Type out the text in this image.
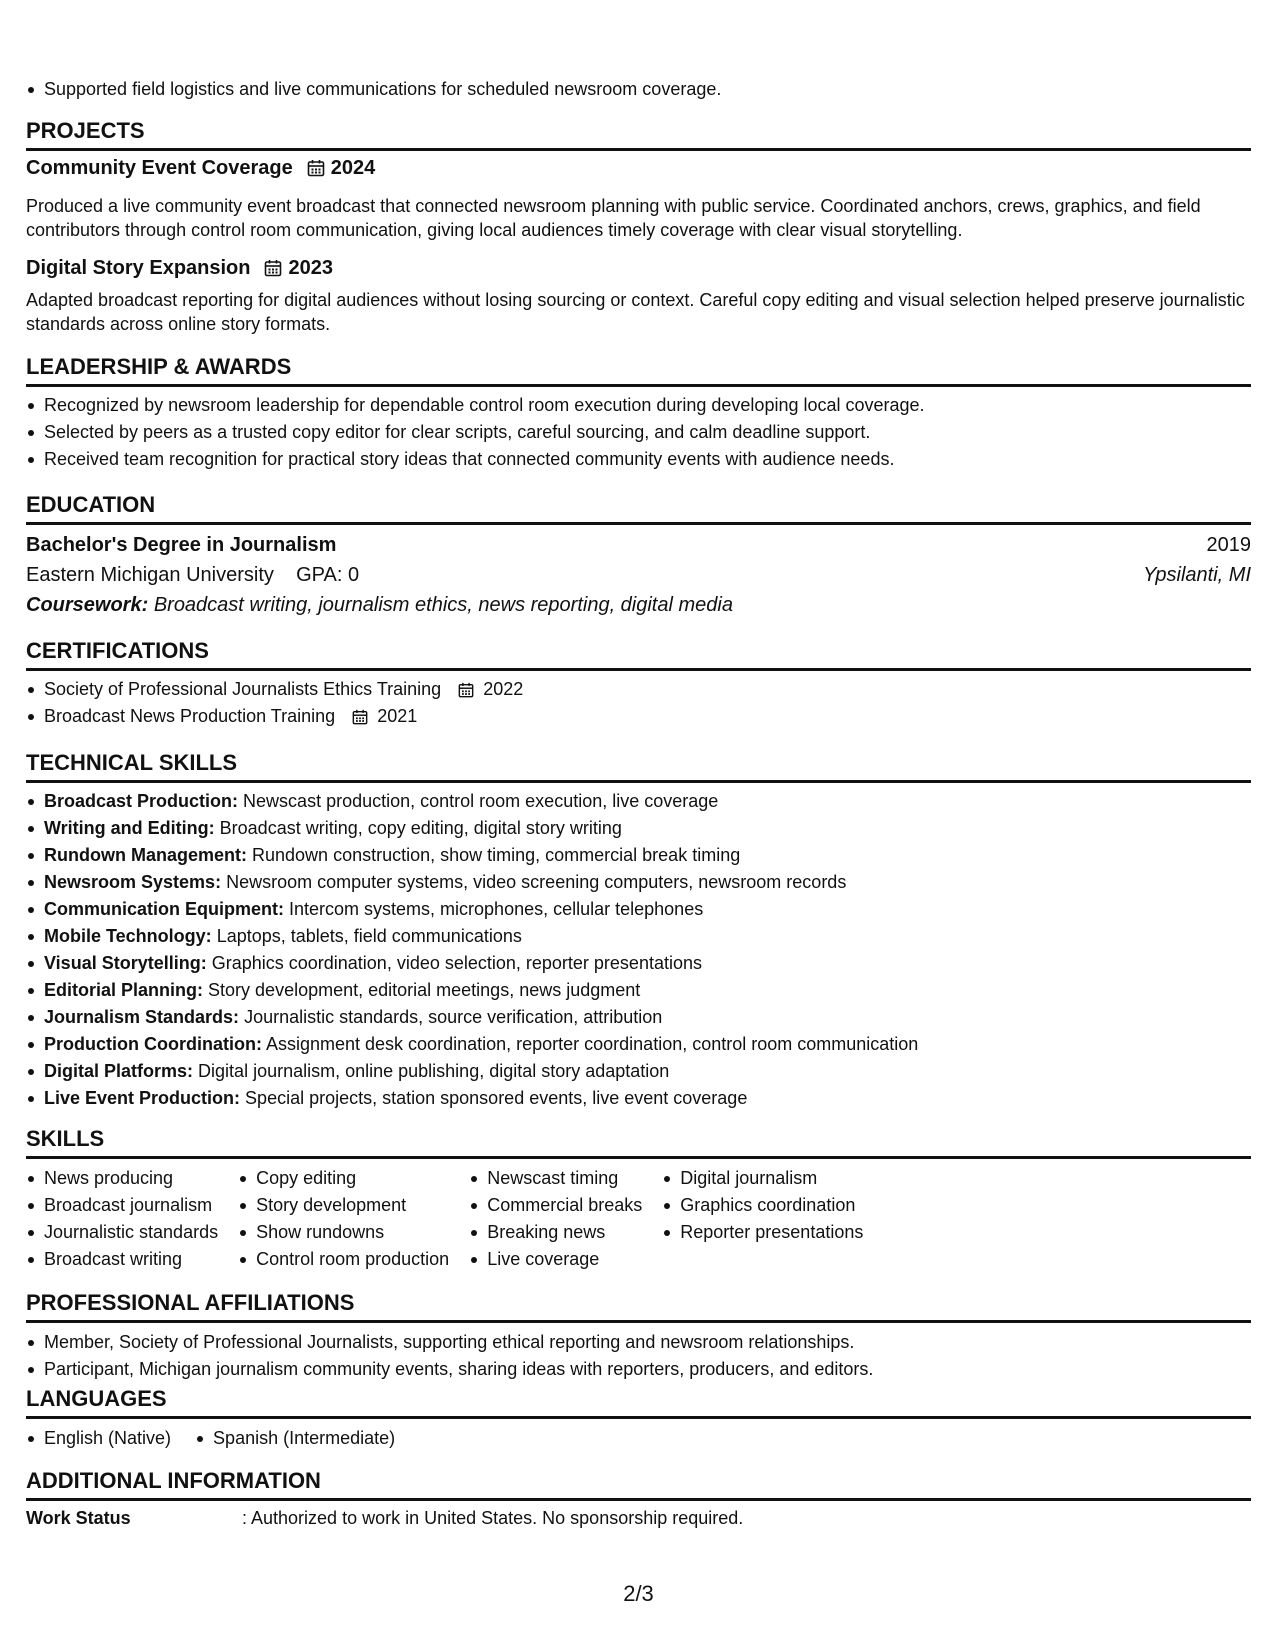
Supported field logistics and live communications for scheduled newsroom coverage.
PROJECTS
Community Event Coverage 2024
Produced a live community event broadcast that connected newsroom planning with public service. Coordinated anchors, crews, graphics, and field contributors through control room communication, giving local audiences timely coverage with clear visual storytelling.
Digital Story Expansion 2023
Adapted broadcast reporting for digital audiences without losing sourcing or context. Careful copy editing and visual selection helped preserve journalistic standards across online story formats.
LEADERSHIP & AWARDS
Recognized by newsroom leadership for dependable control room execution during developing local coverage.
Selected by peers as a trusted copy editor for clear scripts, careful sourcing, and calm deadline support.
Received team recognition for practical story ideas that connected community events with audience needs.
EDUCATION
Bachelor's Degree in Journalism	2019
Eastern Michigan University GPA: 0	Ypsilanti, MI
Coursework: Broadcast writing, journalism ethics, news reporting, digital media
CERTIFICATIONS
Society of Professional Journalists Ethics Training 2022
Broadcast News Production Training 2021
TECHNICAL SKILLS
Broadcast Production: Newscast production, control room execution, live coverage
Writing and Editing: Broadcast writing, copy editing, digital story writing
Rundown Management: Rundown construction, show timing, commercial break timing
Newsroom Systems: Newsroom computer systems, video screening computers, newsroom records
Communication Equipment: Intercom systems, microphones, cellular telephones
Mobile Technology: Laptops, tablets, field communications
Visual Storytelling: Graphics coordination, video selection, reporter presentations
Editorial Planning: Story development, editorial meetings, news judgment
Journalism Standards: Journalistic standards, source verification, attribution
Production Coordination: Assignment desk coordination, reporter coordination, control room communication
Digital Platforms: Digital journalism, online publishing, digital story adaptation
Live Event Production: Special projects, station sponsored events, live event coverage
SKILLS
News producing
Broadcast journalism
Journalistic standards
Broadcast writing
Copy editing
Story development
Show rundowns
Control room production
Newscast timing
Commercial breaks
Breaking news
Live coverage
Digital journalism
Graphics coordination
Reporter presentations
PROFESSIONAL AFFILIATIONS
Member, Society of Professional Journalists, supporting ethical reporting and newsroom relationships.
Participant, Michigan journalism community events, sharing ideas with reporters, producers, and editors.
LANGUAGES
English (Native)	Spanish (Intermediate)
ADDITIONAL INFORMATION
Work Status	: Authorized to work in United States. No sponsorship required.
2/3
